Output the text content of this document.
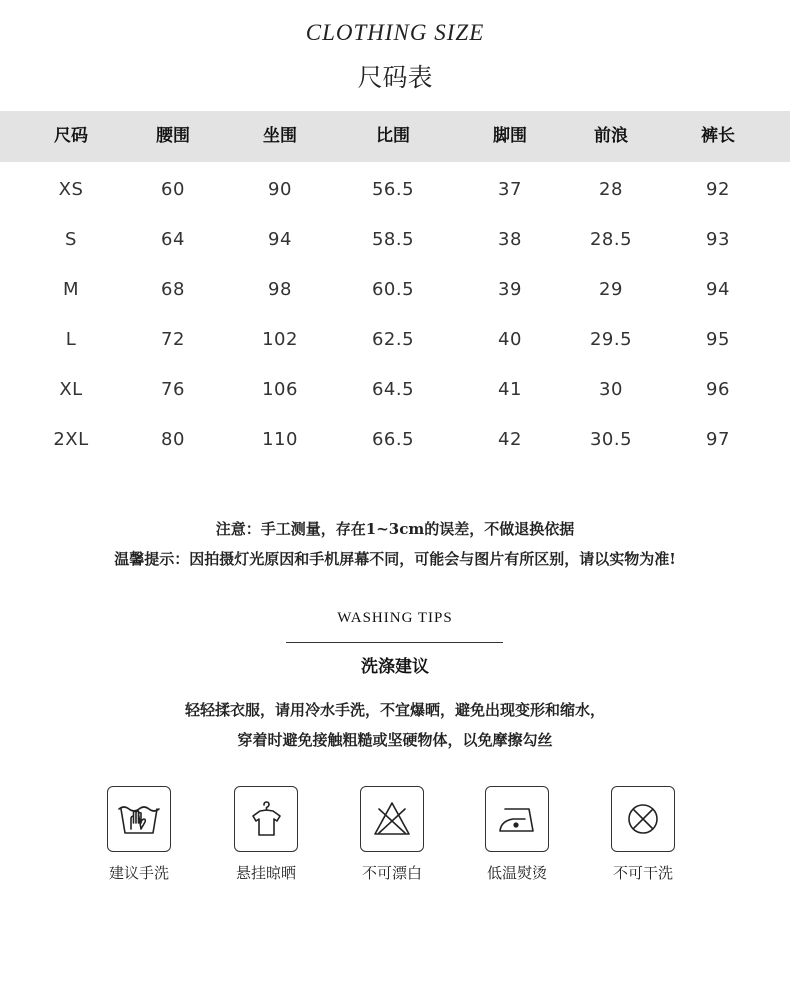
CLOTHING SIZE
尺码表
尺码	腰围	坐围	比围	脚围	前浪	裤长
XS	60	90	56.5	37	28	92
S	64	94	58.5	38	28.5	93
M	68	98	60.5	39	29	94
L	72	102	62.5	40	29.5	95
XL	76	106	64.5	41	30	96
2XL	80	110	66.5	42	30.5	97
注意：手工测量，存在1~3cm的误差，不做退换依据
温馨提示：因拍摄灯光原因和手机屏幕不同，可能会与图片有所区别，请以实物为准!
WASHING TIPS
洗涤建议
轻轻揉衣服，请用冷水手洗，不宜爆晒，避免出现变形和缩水，
穿着时避免接触粗糙或坚硬物体，以免摩擦勾丝
建议手洗	悬挂晾晒	不可漂白	低温熨烫	不可干洗
